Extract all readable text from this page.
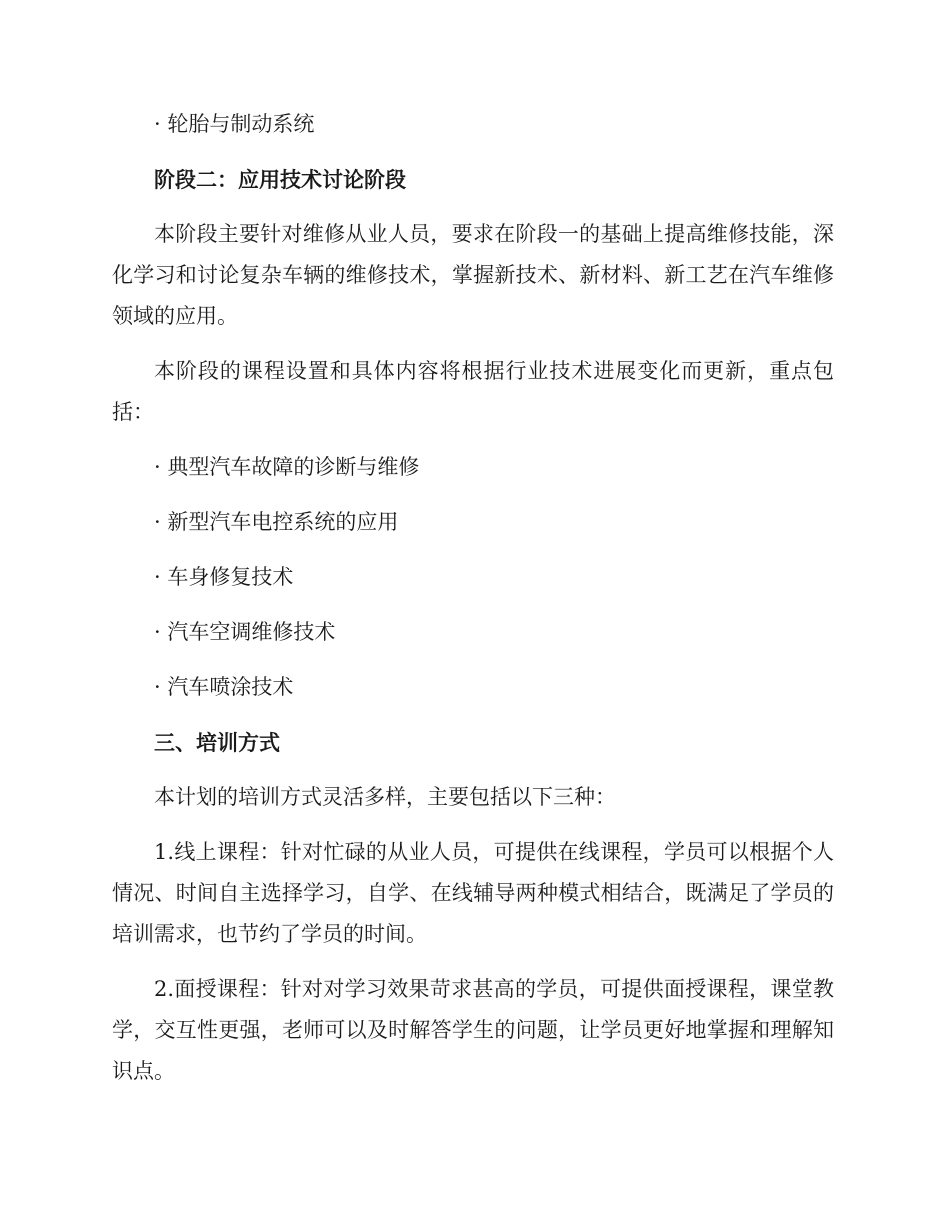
· 轮胎与制动系统

阶段二：应用技术讨论阶段

本阶段主要针对维修从业人员，要求在阶段一的基础上提高维修技能，深化学习和讨论复杂车辆的维修技术，掌握新技术、新材料、新工艺在汽车维修领域的应用。

本阶段的课程设置和具体内容将根据行业技术进展变化而更新，重点包括：

· 典型汽车故障的诊断与维修

· 新型汽车电控系统的应用

· 车身修复技术

· 汽车空调维修技术

· 汽车喷涂技术

三、培训方式

本计划的培训方式灵活多样，主要包括以下三种：

1.线上课程：针对忙碌的从业人员，可提供在线课程，学员可以根据个人情况、时间自主选择学习，自学、在线辅导两种模式相结合，既满足了学员的培训需求，也节约了学员的时间。

2.面授课程：针对对学习效果苛求甚高的学员，可提供面授课程，课堂教学，交互性更强，老师可以及时解答学生的问题，让学员更好地掌握和理解知识点。
